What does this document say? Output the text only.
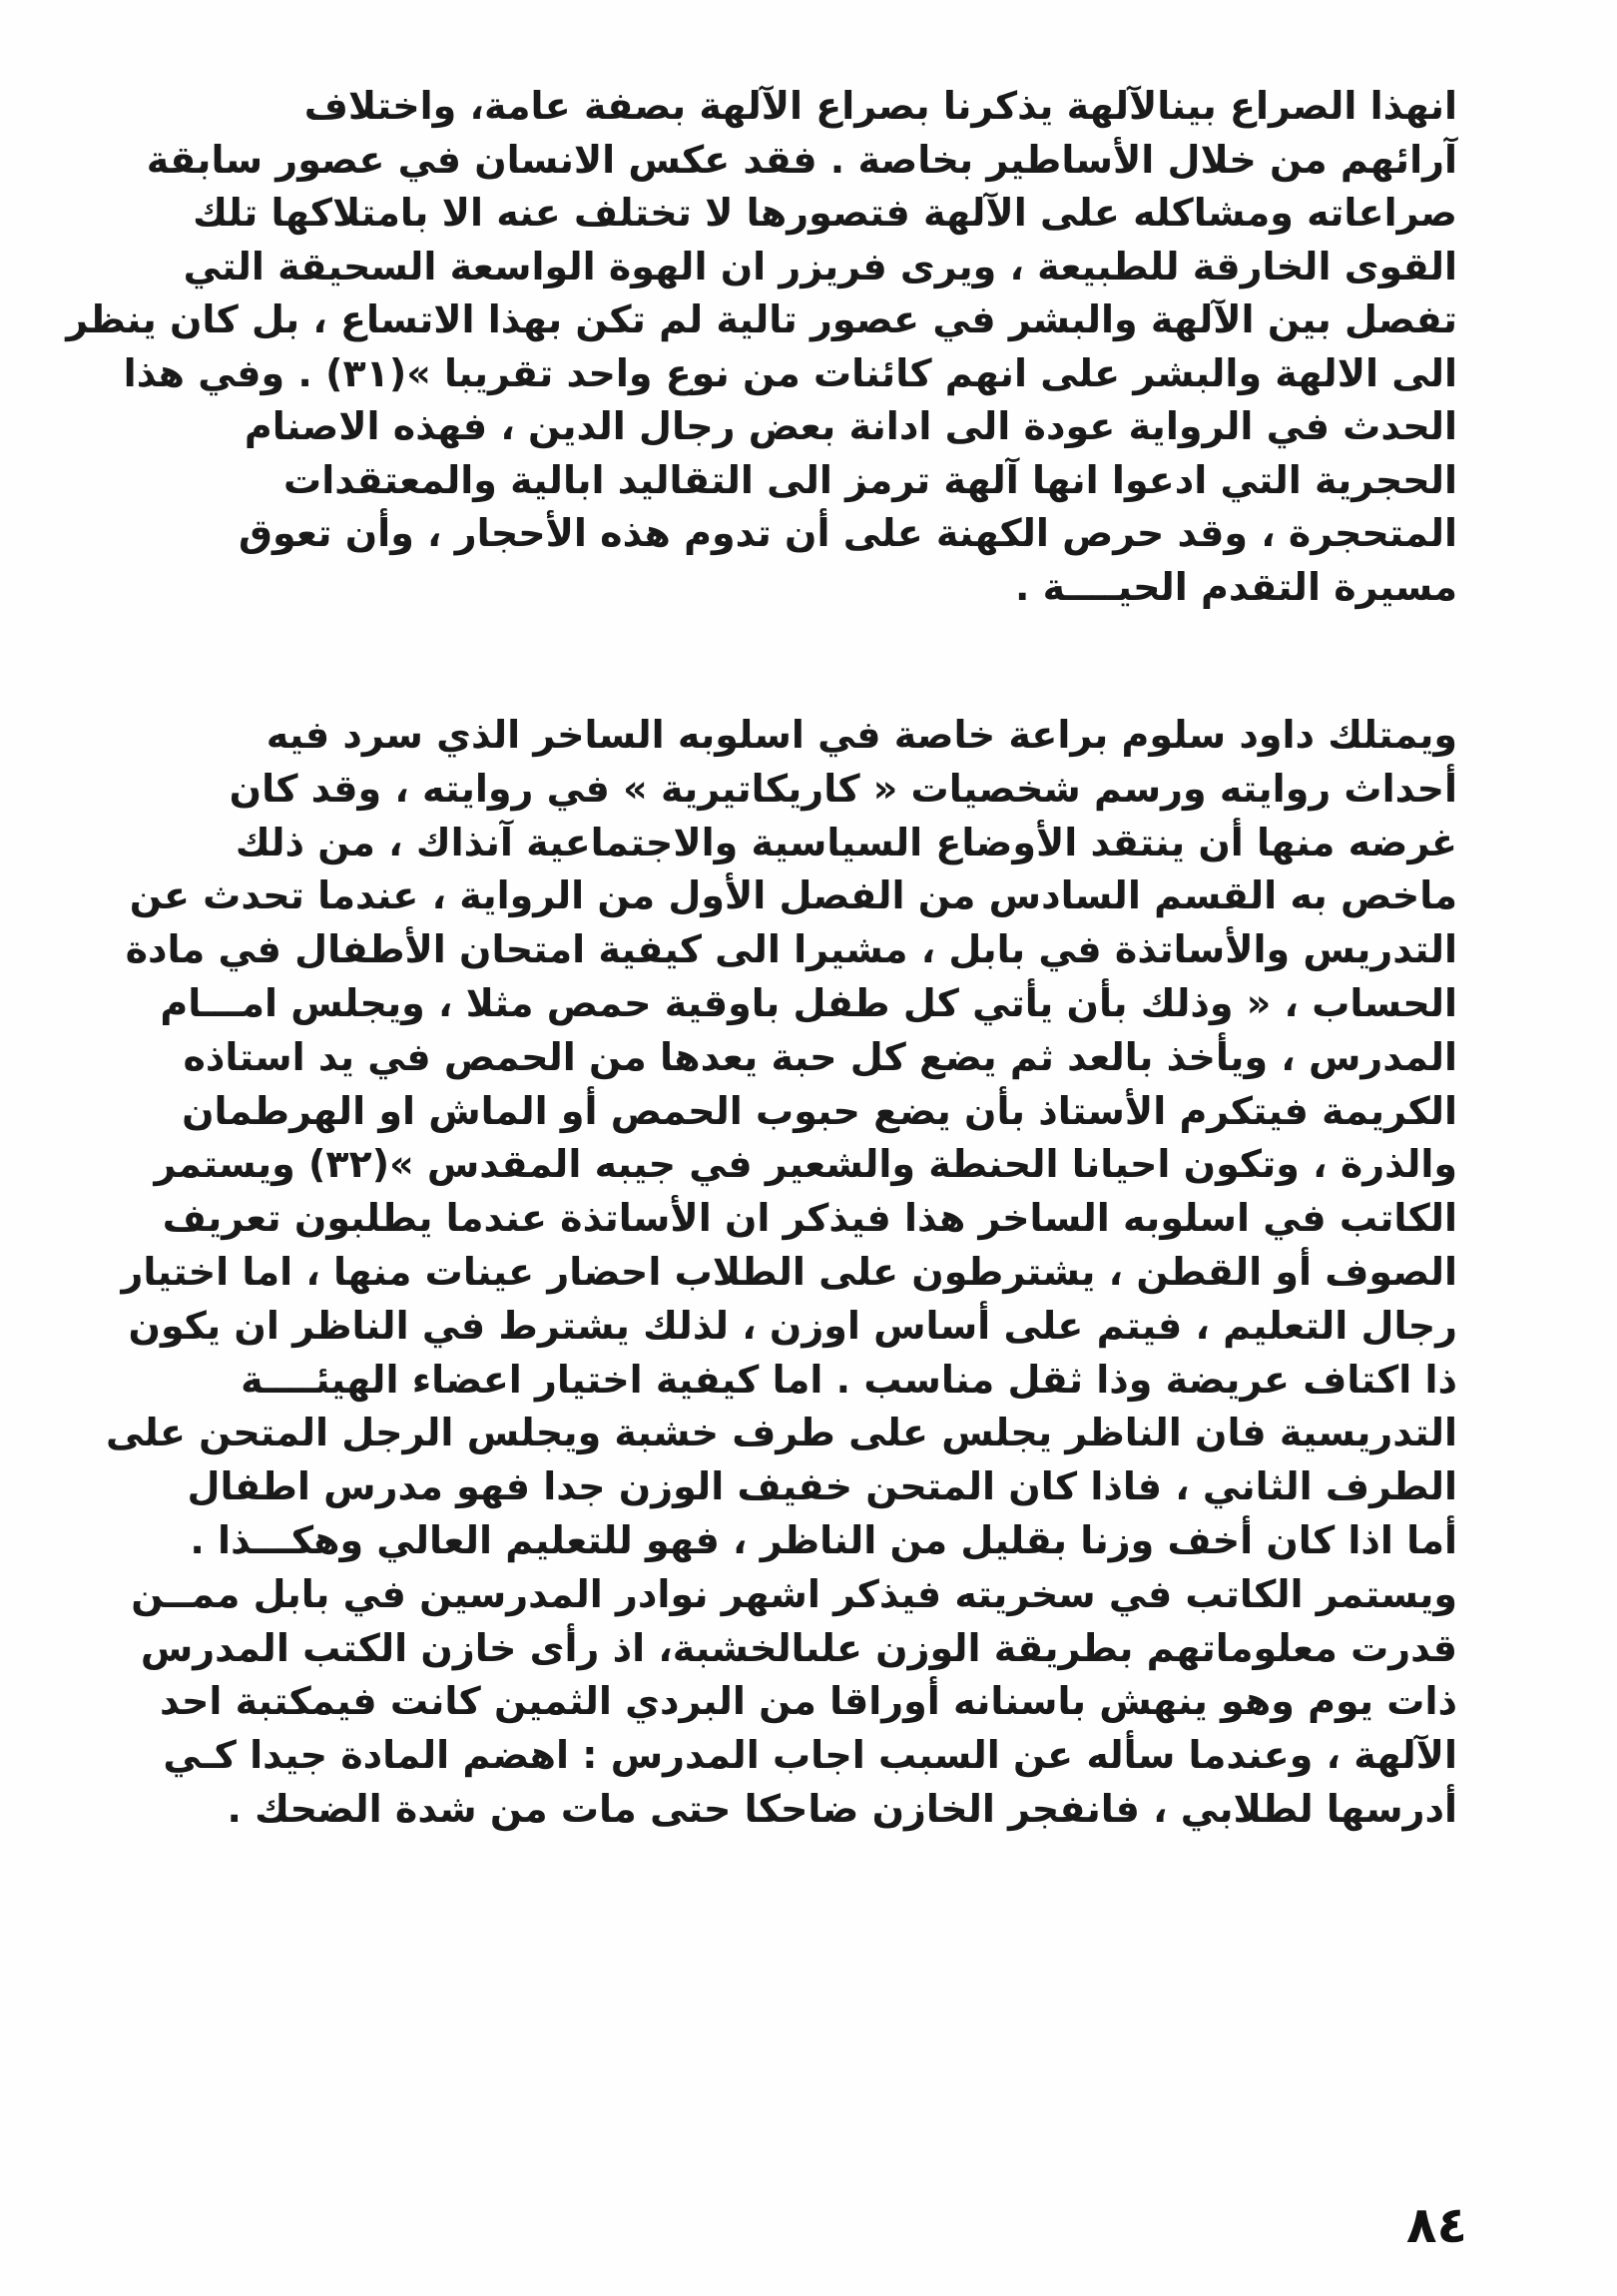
انهذا الصراع بينالآلهة يذكرنا بصراع الآلهة بصفة عامة، واختلاف
آرائهم من خلال الأساطير بخاصة . فقد عكس الانسان في عصور سابقة
صراعاته ومشاكله على الآلهة فتصورها لا تختلف عنه الا بامتلاكها تلك
القوى الخارقة للطبيعة ، ويرى فريزر ان الهوة الواسعة السحيقة التي
تفصل بين الآلهة والبشر في عصور تالية لم تكن بهذا الاتساع ، بل كان ينظر
الى الالهة والبشر على انهم كائنات من نوع واحد تقريبا »(٣١) . وفي هذا
الحدث في الرواية عودة الى ادانة بعض رجال الدين ، فهذه الاصنام
الحجرية التي ادعوا انها آلهة ترمز الى التقاليد ابالية والمعتقدات
المتحجرة ، وقد حرص الكهنة على أن تدوم هذه الأحجار ، وأن تعوق
مسيرة التقدم الحيــــة .
ويمتلك داود سلوم براعة خاصة في اسلوبه الساخر الذي سرد فيه
أحداث روايته ورسم شخصيات « كاريكاتيرية » في روايته ، وقد كان
غرضه منها أن ينتقد الأوضاع السياسية والاجتماعية آنذاك ، من ذلك
ماخص به القسم السادس من الفصل الأول من الرواية ، عندما تحدث عن
التدريس والأساتذة في بابل ، مشيرا الى كيفية امتحان الأطفال في مادة
الحساب ، « وذلك بأن يأتي كل طفل باوقية حمص مثلا ، ويجلس امـــام
المدرس ، ويأخذ بالعد ثم يضع كل حبة يعدها من الحمص في يد استاذه
الكريمة فيتكرم الأستاذ بأن يضع حبوب الحمص أو الماش او الهرطمان
والذرة ، وتكون احيانا الحنطة والشعير في جيبه المقدس »(٣٢) ويستمر
الكاتب في اسلوبه الساخر هذا فيذكر ان الأساتذة عندما يطلبون تعريف
الصوف أو القطن ، يشترطون على الطلاب احضار عينات منها ، اما اختيار
رجال التعليم ، فيتم على أساس اوزن ، لذلك يشترط في الناظر ان يكون
ذا اكتاف عريضة وذا ثقل مناسب . اما كيفية اختيار اعضاء الهيئــــة
التدريسية فان الناظر يجلس على طرف خشبة ويجلس الرجل المتحن على
الطرف الثاني ، فاذا كان المتحن خفيف الوزن جدا فهو مدرس اطفال
أما اذا كان أخف وزنا بقليل من الناظر ، فهو للتعليم العالي وهكـــذا .
ويستمر الكاتب في سخريته فيذكر اشهر نوادر المدرسين في بابل ممــن
قدرت معلوماتهم بطريقة الوزن علىالخشبة، اذ رأى خازن الكتب المدرس
ذات يوم وهو ينهش باسنانه أوراقا من البردي الثمين كانت فيمكتبة احد
الآلهة ، وعندما سأله عن السبب اجاب المدرس : اهضم المادة جيدا كـي
أدرسها لطلابي ، فانفجر الخازن ضاحكا حتى مات من شدة الضحك .
٨٤
